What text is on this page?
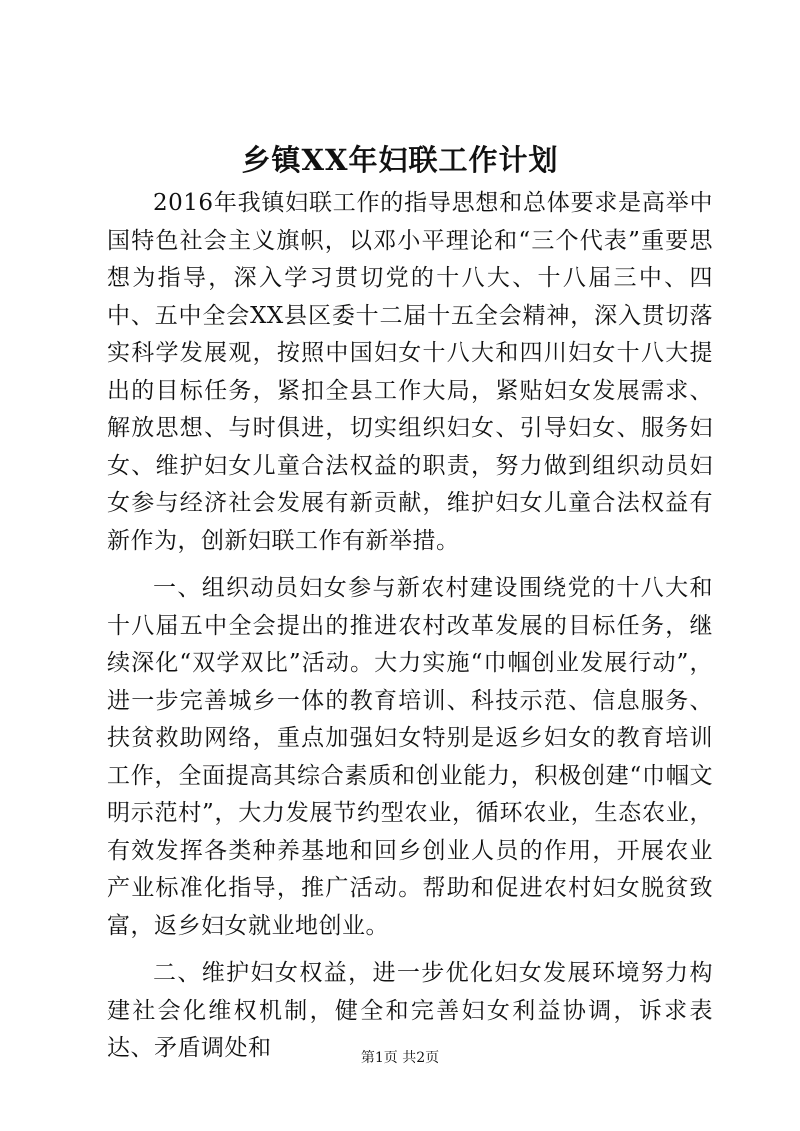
乡镇XX年妇联工作计划

2016年我镇妇联工作的指导思想和总体要求是高举中国特色社会主义旗帜，以邓小平理论和“三个代表”重要思想为指导，深入学习贯切党的十八大、十八届三中、四中、五中全会XX县区委十二届十五全会精神，深入贯切落实科学发展观，按照中国妇女十八大和四川妇女十八大提出的目标任务，紧扣全县工作大局，紧贴妇女发展需求、解放思想、与时俱进，切实组织妇女、引导妇女、服务妇女、维护妇女儿童合法权益的职责，努力做到组织动员妇女参与经济社会发展有新贡献，维护妇女儿童合法权益有新作为，创新妇联工作有新举措。

一、组织动员妇女参与新农村建设围绕党的十八大和十八届五中全会提出的推进农村改革发展的目标任务，继续深化“双学双比”活动。大力实施“巾帼创业发展行动”，进一步完善城乡一体的教育培训、科技示范、信息服务、扶贫救助网络，重点加强妇女特别是返乡妇女的教育培训工作，全面提高其综合素质和创业能力，积极创建“巾帼文明示范村”，大力发展节约型农业，循环农业，生态农业，有效发挥各类种养基地和回乡创业人员的作用，开展农业产业标准化指导，推广活动。帮助和促进农村妇女脱贫致富，返乡妇女就业地创业。

二、维护妇女权益，进一步优化妇女发展环境努力构建社会化维权机制，健全和完善妇女利益协调，诉求表达、矛盾调处和	第1页 共2页
